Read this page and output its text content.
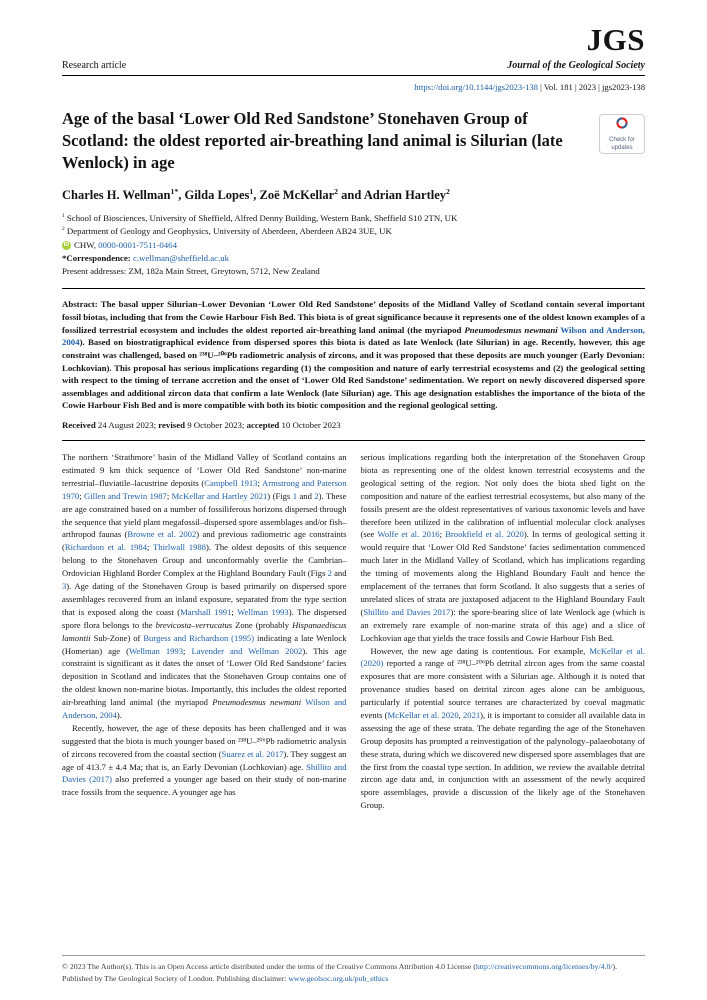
JGS
Research article	Journal of the Geological Society
https://doi.org/10.1144/jgs2023-138 | Vol. 181 | 2023 | jgs2023-138
Age of the basal ‘Lower Old Red Sandstone’ Stonehaven Group of Scotland: the oldest reported air-breathing land animal is Silurian (late Wenlock) in age
Check for
updates
Charles H. Wellman$^{1*}$, Gilda Lopes$^1$, Zoë McKellar$^2$ and Adrian Hartley$^2$
$^1$ School of Biosciences, University of Sheffield, Alfred Denny Building, Western Bank, Sheffield S10 2TN, UK
$^2$ Department of Geology and Geophysics, University of Aberdeen, Aberdeen AB24 3UE, UK
iD CHW, 0000-0001-7511-0464
*Correspondence: c.wellman@sheffield.ac.uk
Present addresses: ZM, 182a Main Street, Greytown, 5712, New Zealand

Abstract: The basal upper Silurian–Lower Devonian ‘Lower Old Red Sandstone’ deposits of the Midland Valley of Scotland contain several important fossil biotas, including that from the Cowie Harbour Fish Bed. This biota is of great significance because it represents one of the oldest known examples of a fossilized terrestrial ecosystem and includes the oldest reported air-breathing land animal (the myriapod Pneumodesmus newmani Wilson and Anderson, 2004). Based on biostratigraphical evidence from dispersed spores this biota is dated as late Wenlock (late Silurian) in age. Recently, however, this age constraint was challenged, based on ²³⁸U–²⁰⁶Pb radiometric analysis of zircons, and it was proposed that these deposits are much younger (Early Devonian: Lochkovian). This proposal has serious implications regarding (1) the composition and nature of early terrestrial ecosystems and (2) the geological setting with respect to the timing of terrane accretion and the onset of ‘Lower Old Red Sandstone’ sedimentation. We report on newly discovered dispersed spore assemblages and additional zircon data that confirm a late Wenlock (late Silurian) age. This age designation establishes the importance of the biota of the Cowie Harbour Fish Bed and is more compatible with both its biotic composition and the regional geological setting.

Received 24 August 2023; revised 9 October 2023; accepted 10 October 2023

The northern ‘Strathmore’ basin of the Midland Valley of Scotland contains an estimated 9 km thick sequence of ‘Lower Old Red Sandstone’ non-marine terrestrial–fluviatile–lacustrine deposits (Campbell 1913; Armstrong and Paterson 1970; Gillen and Trewin 1987; McKellar and Hartley 2021) (Figs 1 and 2). These are age constrained based on a number of fossiliferous horizons dispersed through the sequence that yield plant megafossil–dispersed spore assemblages and/or fish–arthropod faunas (Browne et al. 2002) and previous radiometric age constraints (Richardson et al. 1984; Thirlwall 1988). The oldest deposits of this sequence belong to the Stonehaven Group and unconformably overlie the Cambrian–Ordovician Highland Border Complex at the Highland Boundary Fault (Figs 2 and 3). Age dating of the Stonehaven Group is based primarily on dispersed spore assemblages recovered from an inland exposure, separated from the type section that is exposed along the coast (Marshall 1991; Wellman 1993). The dispersed spore flora belongs to the brevicosta–verrucatus Zone (probably Hispanaediscus lamontii Sub-Zone) of Burgess and Richardson (1995) indicating a late Wenlock (Homerian) age (Wellman 1993; Lavender and Wellman 2002). This age constraint is significant as it dates the onset of ‘Lower Old Red Sandstone’ facies deposition in Scotland and indicates that the Stonehaven Group contains one of the oldest known non-marine biotas. Importantly, this includes the oldest reported air-breathing land animal (the myriapod Pneumodesmus newmani Wilson and Anderson, 2004).

Recently, however, the age of these deposits has been challenged and it was suggested that the biota is much younger based on ²³⁸U–²⁰⁶Pb radiometric analysis of zircons recovered from the coastal section (Suarez et al. 2017). They suggest an age of 413.7 ± 4.4 Ma; that is, an Early Devonian (Lochkovian) age. Shillito and Davies (2017) also preferred a younger age based on their study of non-marine trace fossils from the sequence. A younger age has

serious implications regarding both the interpretation of the Stonehaven Group biota as representing one of the oldest known terrestrial ecosystems and the geological setting of the region. Not only does the biota shed light on the composition and nature of the earliest terrestrial ecosystems, but also many of the fossils present are the oldest representatives of various taxonomic levels and have therefore been utilized in the calibration of influential molecular clock analyses (see Wolfe et al. 2016; Brookfield et al. 2020). In terms of geological setting it would require that ‘Lower Old Red Sandstone’ facies sedimentation commenced much later in the Midland Valley of Scotland, which has implications regarding the timing of movements along the Highland Boundary Fault and hence the emplacement of the terranes that form Scotland. It also suggests that a series of unrelated slices of strata are juxtaposed adjacent to the Highland Boundary Fault (Shillito and Davies 2017): the spore-bearing slice of late Wenlock age (which is an extremely rare example of non-marine strata of this age) and a slice of Lochkovian age that yields the trace fossils and Cowie Harbour Fish Bed.

However, the new age dating is contentious. For example, McKellar et al. (2020) reported a range of ²³⁸U–²⁰⁶Pb detrital zircon ages from the same coastal exposures that are more consistent with a Silurian age. Although it is noted that provenance studies based on detrital zircon ages alone can be ambiguous, particularly if potential source terranes are characterized by coeval magmatic events (McKellar et al. 2020, 2021), it is important to consider all available data in assessing the age of these strata. The debate regarding the age of the Stonehaven Group deposits has prompted a reinvestigation of the palynology–palaeobotany of these strata, during which we discovered new dispersed spore assemblages that are the first from the coastal type section. In addition, we review the available detrital zircon age data and, in conjunction with an assessment of the newly acquired spore assemblages, provide a discussion of the likely age of the Stonehaven Group.

© 2023 The Author(s). This is an Open Access article distributed under the terms of the Creative Commons Attribution 4.0 License (http://creativecommons.org/licenses/by/4.0/). Published by The Geological Society of London. Publishing disclaimer: www.geolsoc.org.uk/pub_ethics
